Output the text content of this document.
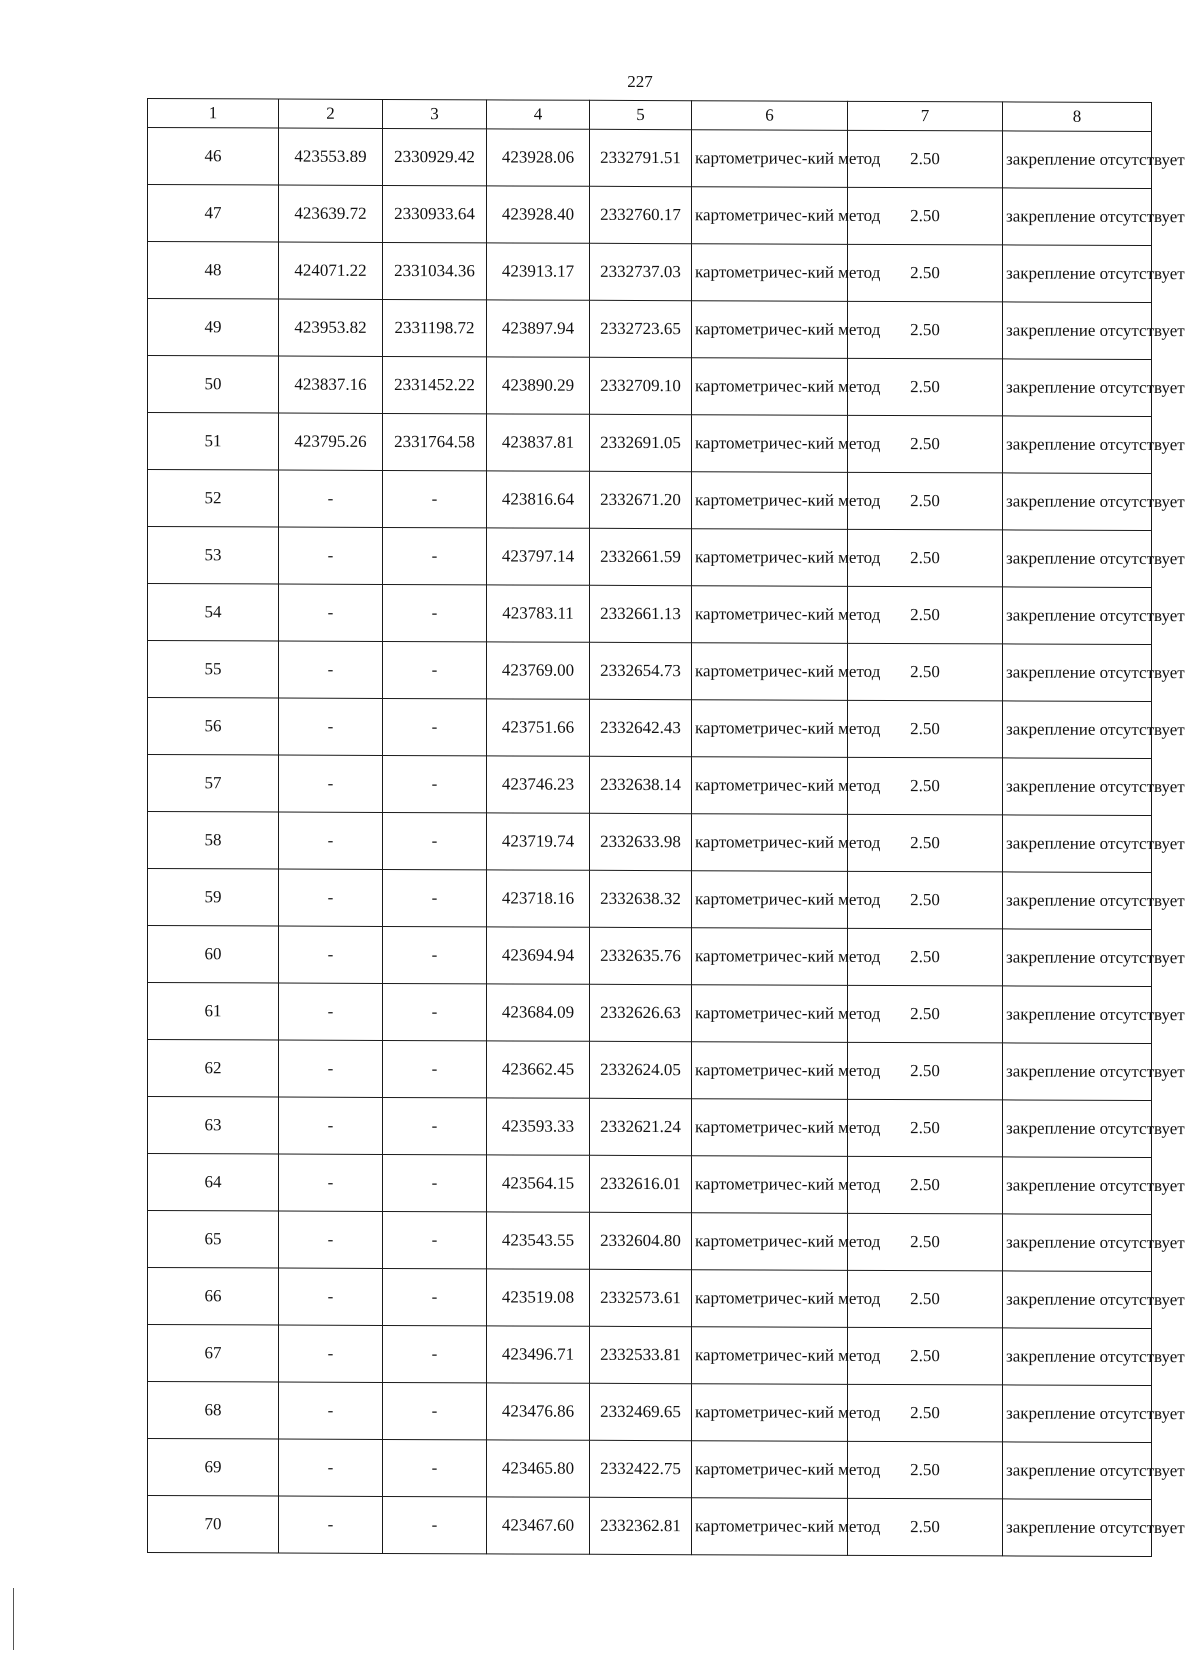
227
1	2	3	4	5	6	7	8
46	423553.89	2330929.42	423928.06	2332791.51	картометричес-кий метод	2.50	закрепление отсутствует
47	423639.72	2330933.64	423928.40	2332760.17	картометричес-кий метод	2.50	закрепление отсутствует
48	424071.22	2331034.36	423913.17	2332737.03	картометричес-кий метод	2.50	закрепление отсутствует
49	423953.82	2331198.72	423897.94	2332723.65	картометричес-кий метод	2.50	закрепление отсутствует
50	423837.16	2331452.22	423890.29	2332709.10	картометричес-кий метод	2.50	закрепление отсутствует
51	423795.26	2331764.58	423837.81	2332691.05	картометричес-кий метод	2.50	закрепление отсутствует
52	-	-	423816.64	2332671.20	картометричес-кий метод	2.50	закрепление отсутствует
53	-	-	423797.14	2332661.59	картометричес-кий метод	2.50	закрепление отсутствует
54	-	-	423783.11	2332661.13	картометричес-кий метод	2.50	закрепление отсутствует
55	-	-	423769.00	2332654.73	картометричес-кий метод	2.50	закрепление отсутствует
56	-	-	423751.66	2332642.43	картометричес-кий метод	2.50	закрепление отсутствует
57	-	-	423746.23	2332638.14	картометричес-кий метод	2.50	закрепление отсутствует
58	-	-	423719.74	2332633.98	картометричес-кий метод	2.50	закрепление отсутствует
59	-	-	423718.16	2332638.32	картометричес-кий метод	2.50	закрепление отсутствует
60	-	-	423694.94	2332635.76	картометричес-кий метод	2.50	закрепление отсутствует
61	-	-	423684.09	2332626.63	картометричес-кий метод	2.50	закрепление отсутствует
62	-	-	423662.45	2332624.05	картометричес-кий метод	2.50	закрепление отсутствует
63	-	-	423593.33	2332621.24	картометричес-кий метод	2.50	закрепление отсутствует
64	-	-	423564.15	2332616.01	картометричес-кий метод	2.50	закрепление отсутствует
65	-	-	423543.55	2332604.80	картометричес-кий метод	2.50	закрепление отсутствует
66	-	-	423519.08	2332573.61	картометричес-кий метод	2.50	закрепление отсутствует
67	-	-	423496.71	2332533.81	картометричес-кий метод	2.50	закрепление отсутствует
68	-	-	423476.86	2332469.65	картометричес-кий метод	2.50	закрепление отсутствует
69	-	-	423465.80	2332422.75	картометричес-кий метод	2.50	закрепление отсутствует
70	-	-	423467.60	2332362.81	картометричес-кий метод	2.50	закрепление отсутствует
